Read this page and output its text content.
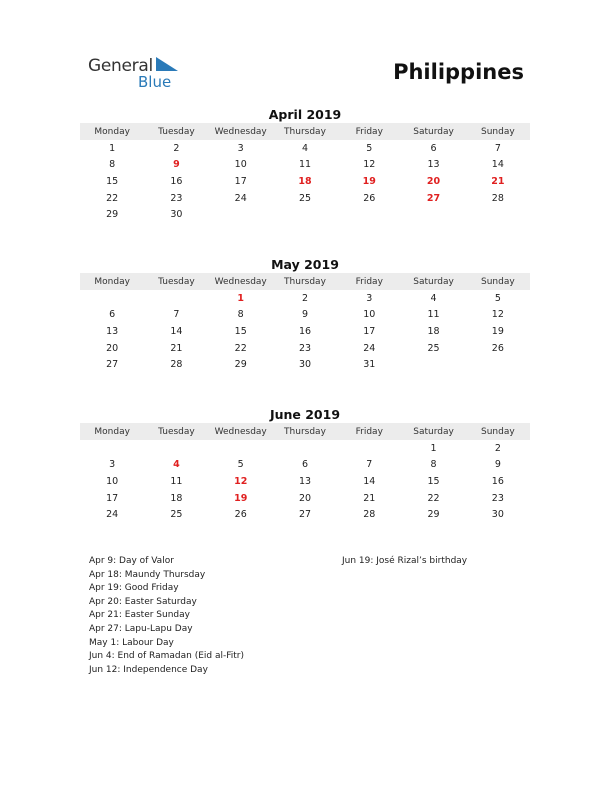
General
Blue	Philippines
April 2019
Monday	Tuesday	Wednesday	Thursday	Friday	Saturday	Sunday
1	2	3	4	5	6	7
8	9	10	11	12	13	14
15	16	17	18	19	20	21
22	23	24	25	26	27	28
29	30					
May 2019
Monday	Tuesday	Wednesday	Thursday	Friday	Saturday	Sunday
		1	2	3	4	5
6	7	8	9	10	11	12
13	14	15	16	17	18	19
20	21	22	23	24	25	26
27	28	29	30	31		
June 2019
Monday	Tuesday	Wednesday	Thursday	Friday	Saturday	Sunday
					1	2
3	4	5	6	7	8	9
10	11	12	13	14	15	16
17	18	19	20	21	22	23
24	25	26	27	28	29	30
Apr 9: Day of Valor
Apr 18: Maundy Thursday
Apr 19: Good Friday
Apr 20: Easter Saturday
Apr 21: Easter Sunday
Apr 27: Lapu-Lapu Day
May 1: Labour Day
Jun 4: End of Ramadan (Eid al-Fitr)
Jun 12: Independence Day
Jun 19: José Rizal’s birthday
